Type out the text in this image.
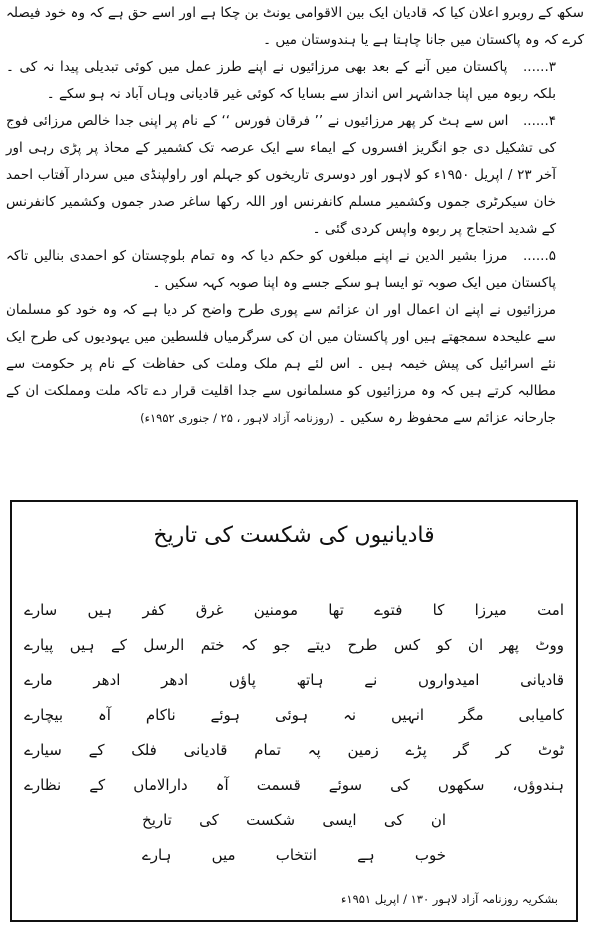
سکھ کے روبرو اعلان کیا کہ قادیان ایک بین الاقوامی یونٹ بن چکا ہے اور اسے حق ہے کہ وہ خود فیصلہ کرے کہ وہ پاکستان میں جانا چاہتا ہے یا ہندوستان میں ۔

۳...... پاکستان میں آنے کے بعد بھی مرزائیوں نے اپنے طرز عمل میں کوئی تبدیلی پیدا نہ کی ۔ بلکہ ربوہ میں اپنا جداشہر اس انداز سے بسایا کہ کوئی غیر قادیانی وہاں آباد نہ ہو سکے ۔

۴...... اس سے ہٹ کر پھر مرزائیوں نے ’’ فرقان فورس ‘‘ کے نام پر اپنی جدا خالص مرزائی فوج کی تشکیل دی جو انگریز افسروں کے ایماء سے ایک عرصہ تک کشمیر کے محاذ پر پڑی رہی اور آخر ۲۳ / اپریل ۱۹۵۰ء کو لاہور اور دوسری تاریخوں کو جہلم اور راولپنڈی میں سردار آفتاب احمد خان سیکرٹری جموں وکشمیر مسلم کانفرنس اور اللہ رکھا ساغر صدر جموں وکشمیر کانفرنس کے شدید احتجاج پر ربوہ واپس کردی گئی ۔

۵...... مرزا بشیر الدین نے اپنے مبلغوں کو حکم دیا کہ وہ تمام بلوچستان کو احمدی بنالیں تاکہ پاکستان میں ایک صوبہ تو ایسا ہو سکے جسے وہ اپنا صوبہ کہہ سکیں ۔

مرزائیوں نے اپنے ان اعمال اور ان عزائم سے پوری طرح واضح کر دیا ہے کہ وہ خود کو مسلمان سے علیحدہ سمجھتے ہیں اور پاکستان میں ان کی سرگرمیاں فلسطین میں یہودیوں کی طرح ایک نئے اسرائیل کی پیش خیمہ ہیں ۔ اس لئے ہم ملک وملت کی حفاظت کے نام پر حکومت سے مطالبہ کرتے ہیں کہ وہ مرزائیوں کو مسلمانوں سے جدا اقلیت قرار دے تاکہ ملت ومملکت ان کے جارحانہ عزائم سے محفوظ رہ سکیں ۔ (روزنامہ آزاد لاہور ، ۲۵ / جنوری ۱۹۵۲ء)

قادیانیوں کی شکست کی تاریخ
امت
میرزا
کا
فتوے
تھا
مومنین
غرق
کفر
ہیں
سارے
ووٹ
پھر
ان
کو
کس
طرح
دیتے
جو
کہ
ختم
الرسل
کے
ہیں
پیارے
قادیانی
امیدواروں
نے
ہاتھ
پاؤں
ادھر
ادھر
مارے
کامیابی
مگر
انہیں
نہ
ہوئی
ہوئے
ناکام
آہ
بیچارے
ٹوٹ
کر
گر
پڑے
زمین
پہ
تمام
قادیانی
فلک
کے
سیارے
ہندوؤں،
سکھوں
کی
سوئے
قسمت
آہ
دارالاماں
کے
نظارے
ان
کی
ایسی
شکست
کی
تاریخ
خوب
ہے
انتخاب
میں
ہارے
بشکریہ روزنامہ آزاد لاہور ۱۳۰ / اپریل ۱۹۵۱ء
